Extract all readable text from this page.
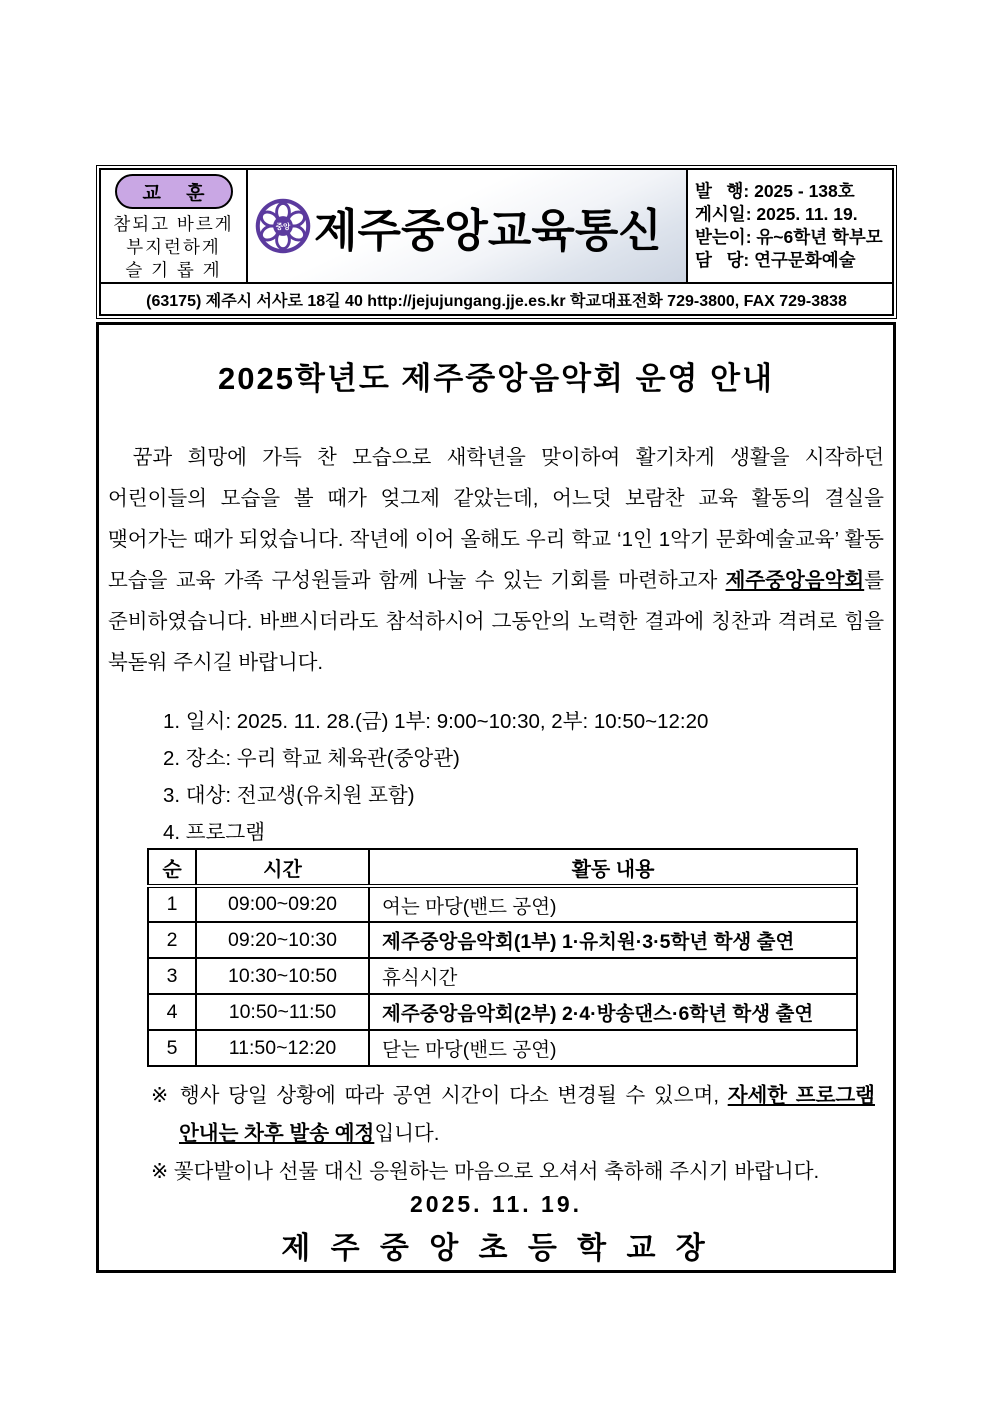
교 훈
참되고 바르게
부지런하게
슬 기 롭 게

중앙 제주중앙교육통신

발   행: 2025 - 138호
게시일: 2025. 11. 19.
받는이: 유~6학년 학부모
담   당: 연구문화예술

(63175) 제주시 서사로 18길 40 http://jejujungang.jje.es.kr 학교대표전화 729-3800, FAX 729-3838
2025학년도 제주중앙음악회 운영 안내
꿈과 희망에 가득 찬 모습으로 새학년을 맞이하여 활기차게 생활을 시작하던 어린이들의 모습을 볼 때가 엊그제 같았는데, 어느덧 보람찬 교육 활동의 결실을 맺어가는 때가 되었습니다. 작년에 이어 올해도 우리 학교 ‘1인 1악기 문화예술교육’ 활동 모습을 교육 가족 구성원들과 함께 나눌 수 있는 기회를 마련하고자 제주중앙음악회를 준비하였습니다. 바쁘시더라도 참석하시어 그동안의 노력한 결과에 칭찬과 격려로 힘을 북돋워 주시길 바랍니다.
1. 일시: 2025. 11. 28.(금) 1부: 9:00~10:30, 2부: 10:50~12:20
2. 장소: 우리 학교 체육관(중앙관)
3. 대상: 전교생(유치원 포함)
4. 프로그램
순	시간	활동 내용
1	09:00~09:20	여는 마당(밴드 공연)
2	09:20~10:30	제주중앙음악회(1부) 1·유치원·3·5학년 학생 출연
3	10:30~10:50	휴식시간
4	10:50~11:50	제주중앙음악회(2부) 2·4·방송댄스·6학년 학생 출연
5	11:50~12:20	닫는 마당(밴드 공연)
※ 행사 당일 상황에 따라 공연 시간이 다소 변경될 수 있으며, 자세한 프로그램 안내는 차후 발송 예정입니다.
※ 꽃다발이나 선물 대신 응원하는 마음으로 오셔서 축하해 주시기 바랍니다.
2025. 11. 19.
제 주 중 앙 초 등 학 교 장
